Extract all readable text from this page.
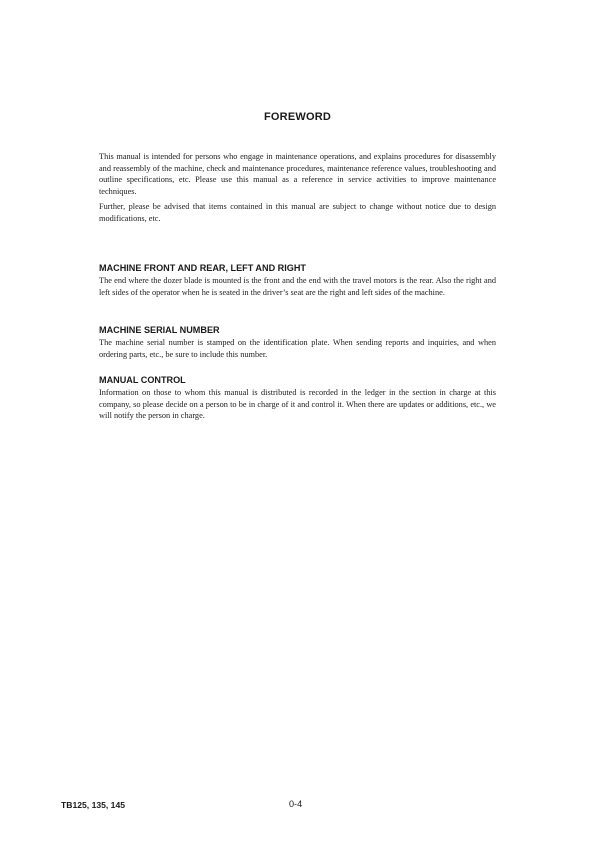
FOREWORD

This manual is intended for persons who engage in maintenance operations, and explains procedures for disassembly and reassembly of the machine, check and maintenance procedures, maintenance reference values, troubleshooting and outline specifications, etc. Please use this manual as a reference in service activities to improve maintenance techniques.

Further, please be advised that items contained in this manual are subject to change without notice due to design modifications, etc.

MACHINE FRONT AND REAR, LEFT AND RIGHT

The end where the dozer blade is mounted is the front and the end with the travel motors is the rear. Also the right and left sides of the operator when he is seated in the driver’s seat are the right and left sides of the machine.

MACHINE SERIAL NUMBER

The machine serial number is stamped on the identification plate. When sending reports and inquiries, and when ordering parts, etc., be sure to include this number.

MANUAL CONTROL

Information on those to whom this manual is distributed is recorded in the ledger in the section in charge at this company, so please decide on a person to be in charge of it and control it. When there are updates or additions, etc., we will notify the person in charge.

TB125, 135, 145	0-4
